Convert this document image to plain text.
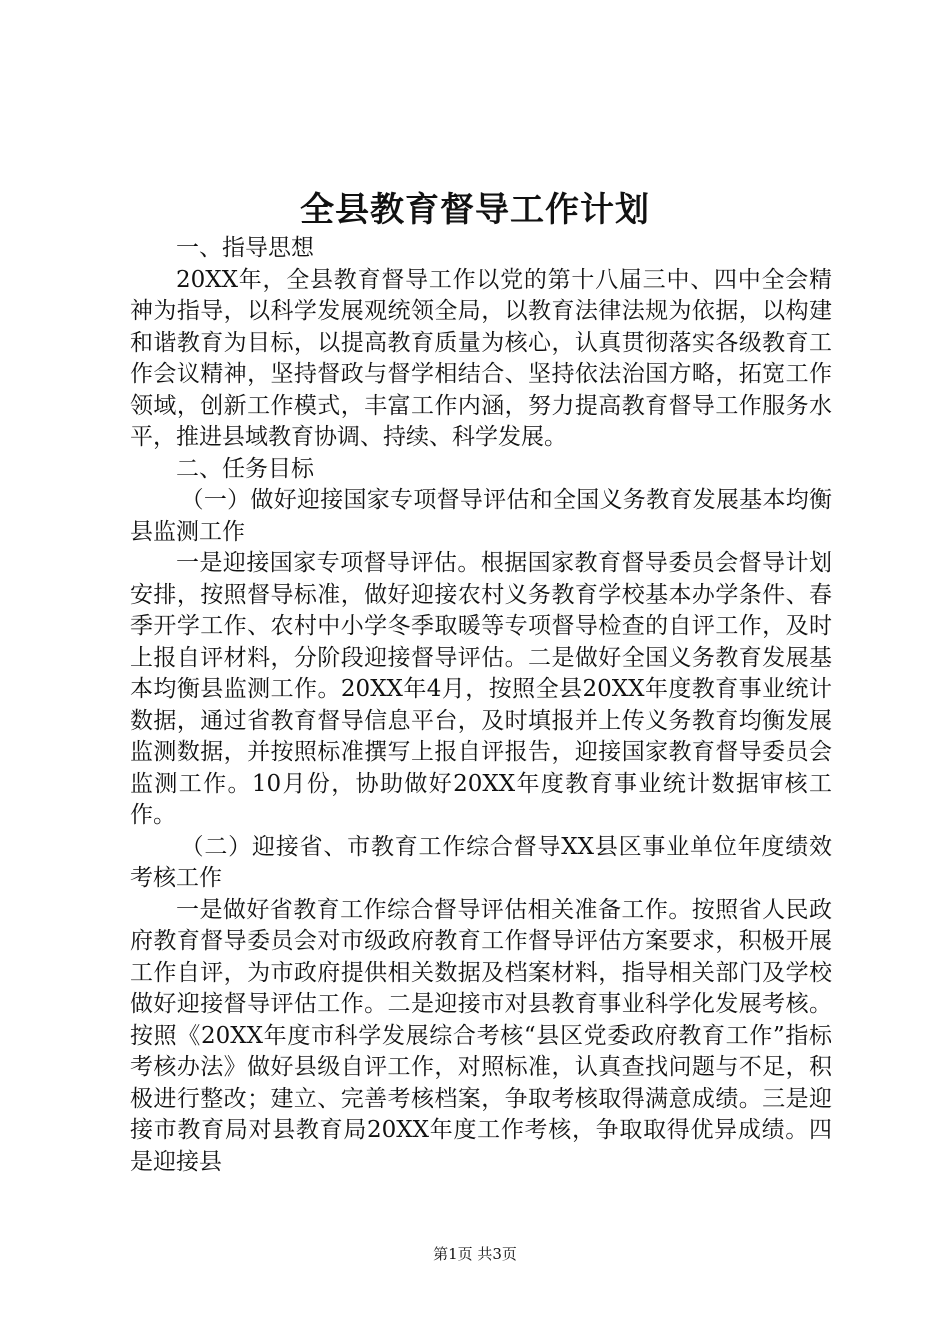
全县教育督导工作计划

一、指导思想

20XX年，全县教育督导工作以党的第十八届三中、四中全会精神为指导，以科学发展观统领全局，以教育法律法规为依据，以构建和谐教育为目标，以提高教育质量为核心，认真贯彻落实各级教育工作会议精神，坚持督政与督学相结合、坚持依法治国方略，拓宽工作领域，创新工作模式，丰富工作内涵，努力提高教育督导工作服务水平，推进县域教育协调、持续、科学发展。

二、任务目标

（一）做好迎接国家专项督导评估和全国义务教育发展基本均衡县监测工作

一是迎接国家专项督导评估。根据国家教育督导委员会督导计划安排，按照督导标准，做好迎接农村义务教育学校基本办学条件、春季开学工作、农村中小学冬季取暖等专项督导检查的自评工作，及时上报自评材料，分阶段迎接督导评估。二是做好全国义务教育发展基本均衡县监测工作。20XX年4月，按照全县20XX年度教育事业统计数据，通过省教育督导信息平台，及时填报并上传义务教育均衡发展监测数据，并按照标准撰写上报自评报告，迎接国家教育督导委员会监测工作。10月份，协助做好20XX年度教育事业统计数据审核工作。

（二）迎接省、市教育工作综合督导XX县区事业单位年度绩效考核工作

一是做好省教育工作综合督导评估相关准备工作。按照省人民政府教育督导委员会对市级政府教育工作督导评估方案要求，积极开展工作自评，为市政府提供相关数据及档案材料，指导相关部门及学校做好迎接督导评估工作。二是迎接市对县教育事业科学化发展考核。按照《20XX年度市科学发展综合考核“县区党委政府教育工作”指标考核办法》做好县级自评工作，对照标准，认真查找问题与不足，积极进行整改；建立、完善考核档案，争取考核取得满意成绩。三是迎接市教育局对县教育局20XX年度工作考核，争取取得优异成绩。四是迎接县

第1页 共3页
